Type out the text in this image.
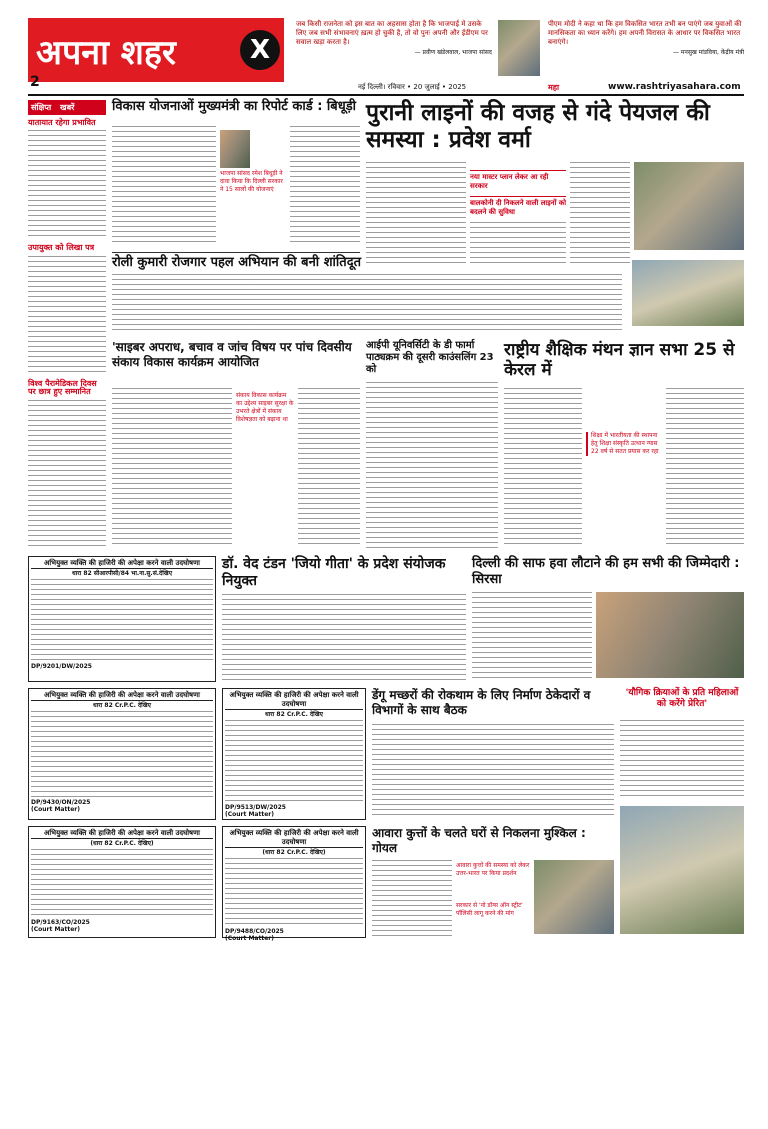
अपना शहर	X
2
जब किसी राजनेता को इस बात का अहसास होता है कि भाजपाई मे उसके लिए जब सभी संभावनाएं ख़त्म हो चुकी है, तो वो पुनः अपनी और ईडीएम पर सवाल खड़ा करता है।
— प्रवीण खंडेलवाल, भाजपा सांसद
पीएम मोदी ने कहा था कि हम विकसित भारत तभी बन पाएंगे जब युवाओं की मानसिकता का ध्यान करेंगे। हम अपनी विरासत के आधार पर विकसित भारत बनाएंगे।
— मनसुख मांडविया, केंद्रीय मंत्री
नई दिल्ली। रविवार • 20 जुलाई • 2025	महा	www.rashtriyasahara.com
संक्षिप्त खबरें
यातायात रहेगा प्रभावित
उपायुक्त को लिखा पत्र
विश्व पैरामेडिकल दिवस पर छात्र हुए सम्मानित
विकास योजनाओं मुख्यमंत्री का रिपोर्ट कार्ड : बिधूड़ी
भाजपा सांसद रमेश बिधूड़ी ने दावा किया कि दिल्ली सरकार ने 15 सालों की योजनाएं
पुरानी लाइनों की वजह से गंदे पेयजल की समस्या : प्रवेश वर्मा
नया मास्टर प्लान लेकर आ रही सरकार
बालकोनी दी निकलने वाली लाइनों को बदलने की सुविधा
रोली कुमारी रोजगार पहल अभियान की बनी शांतिदूत
'साइबर अपराध, बचाव व जांच विषय पर पांच दिवसीय संकाय विकास कार्यक्रम आयोजित
संकाय विकास कार्यक्रम का उद्देश्य साइबर सुरक्षा के उभरते क्षेत्रों में संकाय विशेषज्ञता को बढ़ाना था
आईपी यूनिवर्सिटी के डी फार्मा पाठ्यक्रम की दूसरी काउंसलिंग 23 को
राष्ट्रीय शैक्षिक मंथन ज्ञान सभा 25 से केरल में
शिक्षा में भारतीयता की स्थापना हेतु शिक्षा संस्कृति उत्थान न्यास 22 वर्ष से सतत प्रयास कर रहा
अभियुक्त व्यक्ति की हाजिरी की अपेक्षा करने वाली उदघोषणा
धारा 82 सीआरपीसी/84 भा.ना.सु.सं.देखिए
DP/9201/DW/2025
डॉ. वेद टंडन 'जियो गीता' के प्रदेश संयोजक नियुक्त
दिल्ली की साफ हवा लौटाने की हम सभी की जिम्मेदारी : सिरसा
अभियुक्त व्यक्ति की हाजिरी की अपेक्षा करने वाली उदघोषणा
धारा 82 Cr.P.C. देखिए
DP/9430/ON/2025
(Court Matter)
अभियुक्त व्यक्ति की हाजिरी की अपेक्षा करने वाली उदघोषणा
धारा 82 Cr.P.C. देखिए
DP/9513/DW/2025
(Court Matter)
डेंगू मच्छरों की रोकथाम के लिए निर्माण ठेकेदारों व विभागों के साथ बैठक
'यौगिक क्रियाओं के प्रति महिलाओं को करेंगे प्रेरित'
अभियुक्त व्यक्ति की हाजिरी की अपेक्षा करने वाली उदघोषणा
(धारा 82 Cr.P.C. देखिए)
DP/9163/CO/2025
(Court Matter)
अभियुक्त व्यक्ति की हाजिरी की अपेक्षा करने वाली उदघोषणा
(धारा 82 Cr.P.C. देखिए)
DP/9488/CO/2025
(Court Matter)
आवारा कुत्तों के चलते घरों से निकलना मुश्किल : गोयल
आवारा कुत्तों की समस्या को लेकर उत्तर-भारत पर किया प्रदर्शन
सरकार से 'नो डॉग्स ऑन स्ट्रीट' पॉलिसी लागू करने की मांग
